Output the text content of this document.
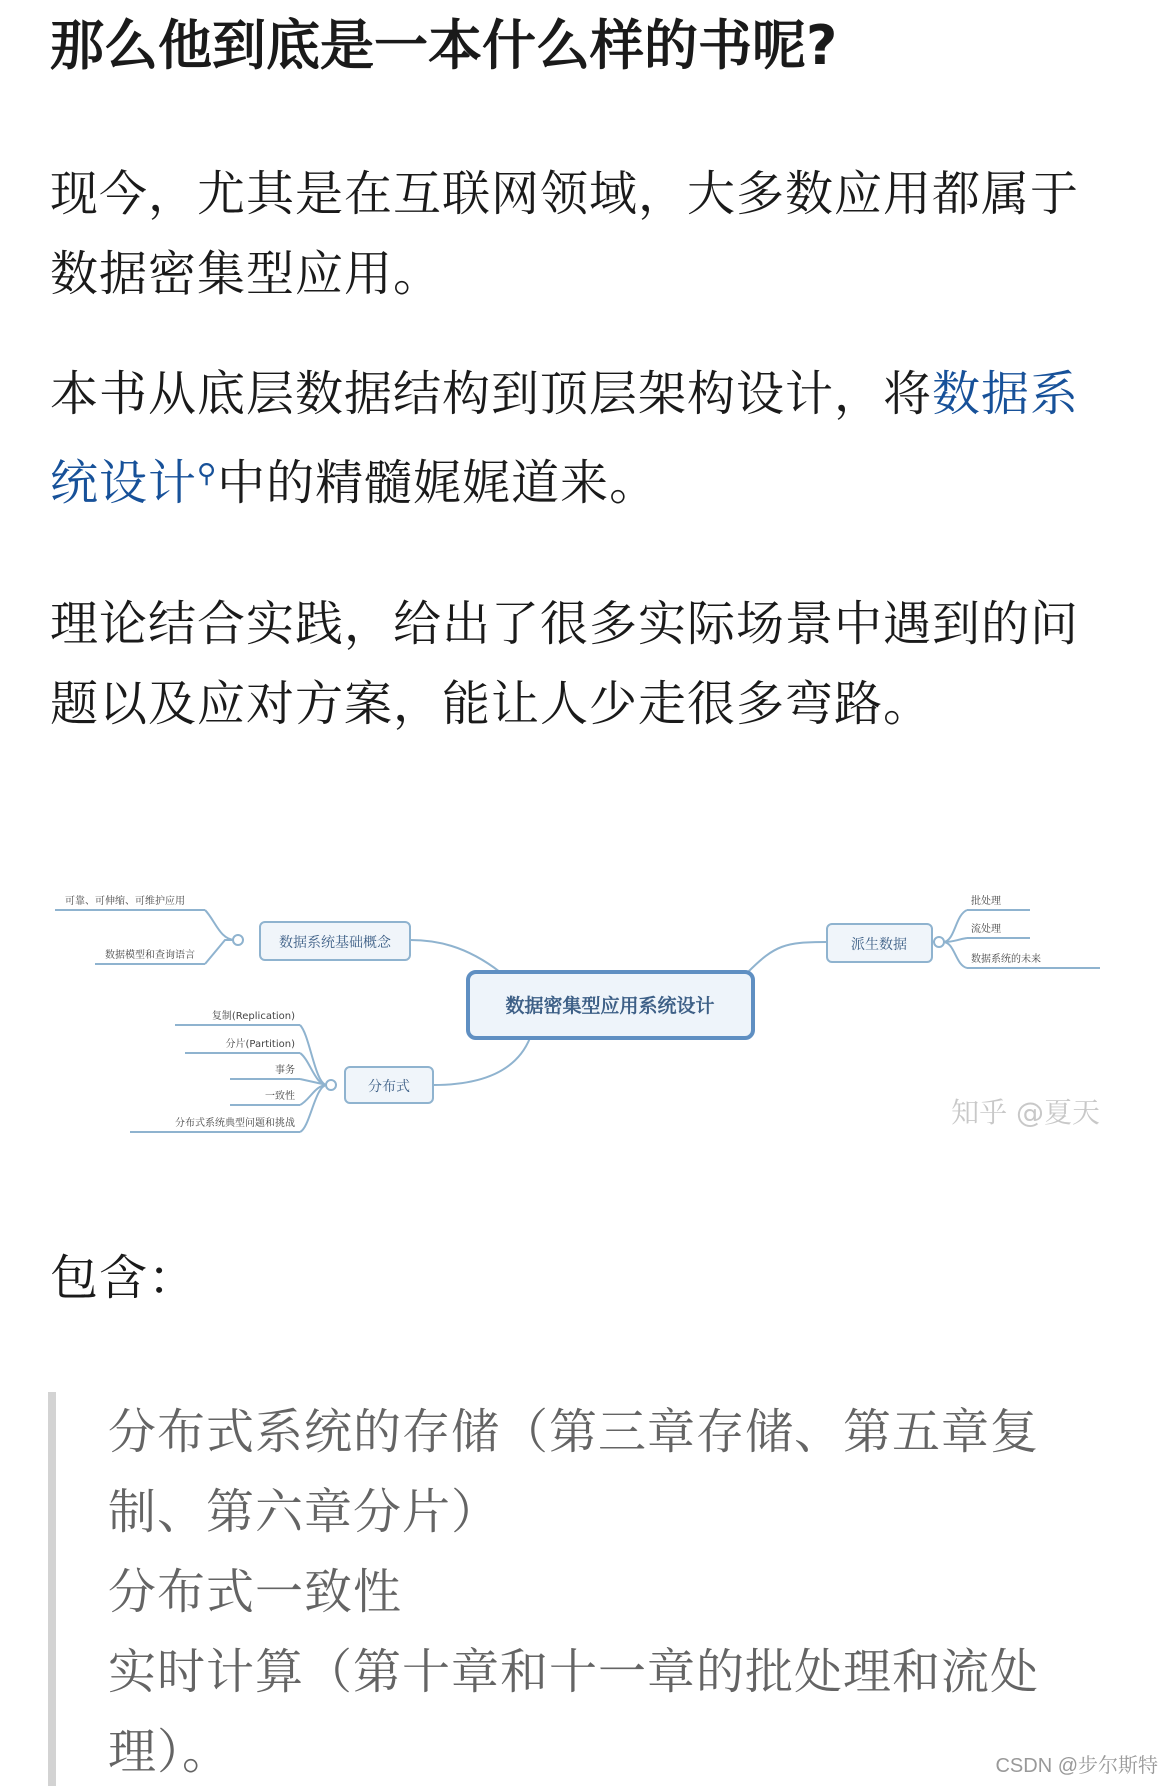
那么他到底是一本什么样的书呢?

现今，尤其是在互联网领域，大多数应用都属于数据密集型应用。

本书从底层数据结构到顶层架构设计，将数据系统设计⚲中的精髓娓娓道来。

理论结合实践，给出了很多实际场景中遇到的问题以及应对方案，能让人少走很多弯路。

数据密集型应用系统设计
数据系统基础概念
可靠、可伸缩、可维护应用
数据模型和查询语言
分布式
复制(Replication)
分片(Partition)
事务
一致性
分布式系统典型问题和挑战
派生数据
批处理
流处理
数据系统的未来
知乎 @夏天

包含：

分布式系统的存储（第三章存储、第五章复

制、第六章分片）

分布式一致性

实时计算（第十章和十一章的批处理和流处

理）。	CSDN @步尔斯特
